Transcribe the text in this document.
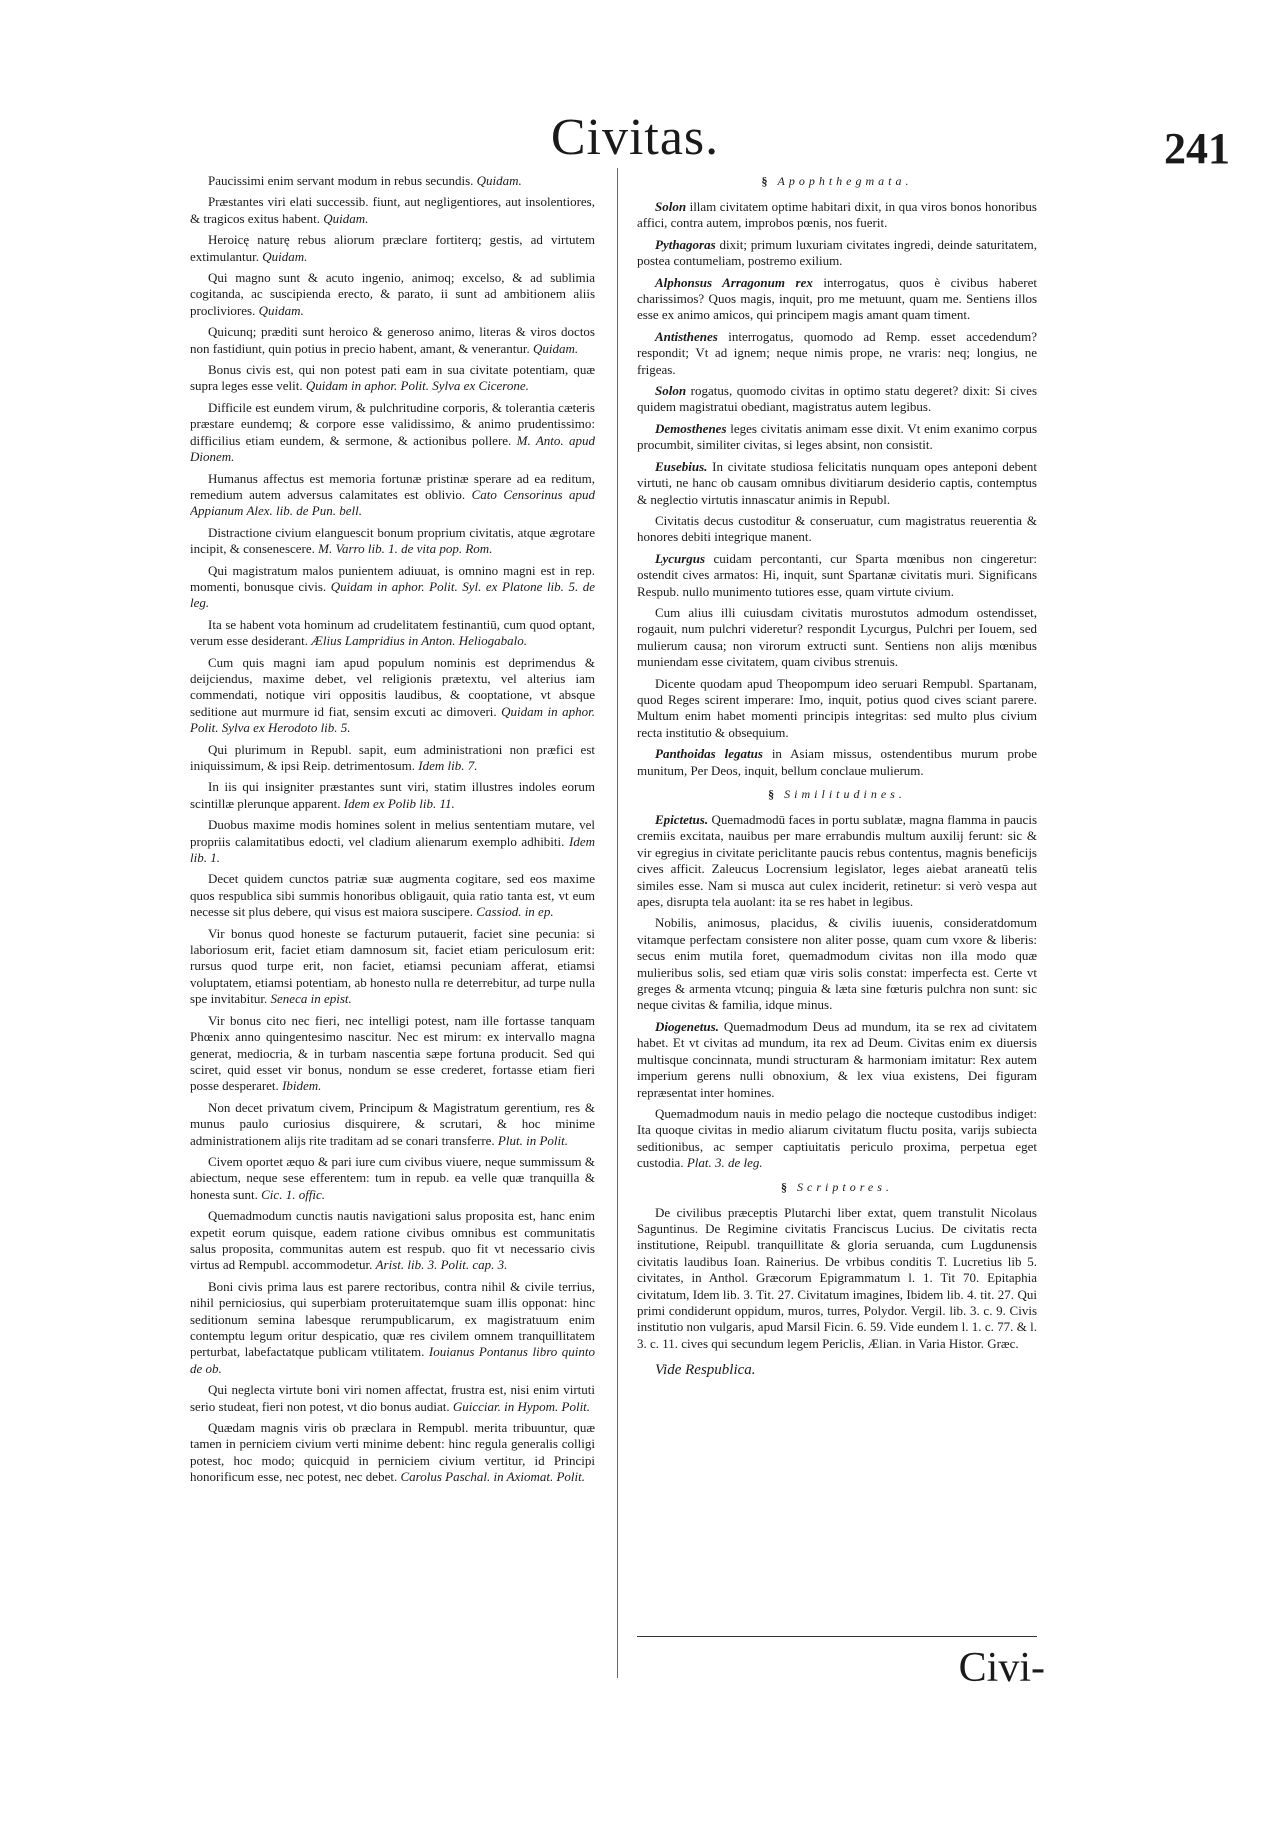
Civitas.	241

Paucissimi enim servant modum in rebus secundis. Quidam.

Præstantes viri elati successib. fiunt, aut negligentiores, aut insolentiores, & tragicos exitus habent. Quidam.

Heroicę naturę rebus aliorum præclare fortiterq; gestis, ad virtutem extimulantur. Quidam.

Qui magno sunt & acuto ingenio, animoq; excelso, & ad sublimia cogitanda, ac suscipienda erecto, & parato, ii sunt ad ambitionem aliis procliviores. Quidam.

Quicunq; præditi sunt heroico & generoso animo, literas & viros doctos non fastidiunt, quin potius in precio habent, amant, & venerantur. Quidam.

Bonus civis est, qui non potest pati eam in sua civitate potentiam, quæ supra leges esse velit. Quidam in aphor. Polit. Sylva ex Cicerone.

Difficile est eundem virum, & pulchritudine corporis, & tolerantia cæteris præstare eundemq; & corpore esse validissimo, & animo prudentissimo: difficilius etiam eundem, & sermone, & actionibus pollere. M. Anto. apud Dionem.

Humanus affectus est memoria fortunæ pristinæ sperare ad ea reditum, remedium autem adversus calamitates est oblivio. Cato Censorinus apud Appianum Alex. lib. de Pun. bell.

Distractione civium elanguescit bonum proprium civitatis, atque ægrotare incipit, & consenescere. M. Varro lib. 1. de vita pop. Rom.

Qui magistratum malos punientem adiuuat, is omnino magni est in rep. momenti, bonusque civis. Quidam in aphor. Polit. Syl. ex Platone lib. 5. de leg.

Ita se habent vota hominum ad crudelitatem festinantiū, cum quod optant, verum esse desiderant. Ælius Lampridius in Anton. Heliogabalo.

Cum quis magni iam apud populum nominis est deprimendus & deijciendus, maxime debet, vel religionis prætextu, vel alterius iam commendati, notique viri oppositis laudibus, & cooptatione, vt absque seditione aut murmure id fiat, sensim excuti ac dimoveri. Quidam in aphor. Polit. Sylva ex Herodoto lib. 5.

Qui plurimum in Republ. sapit, eum administrationi non præfici est iniquissimum, & ipsi Reip. detrimentosum. Idem lib. 7.

In iis qui insigniter præstantes sunt viri, statim illustres indoles eorum scintillæ plerunque apparent. Idem ex Polib lib. 11.

Duobus maxime modis homines solent in melius sententiam mutare, vel propriis calamitatibus edocti, vel cladium alienarum exemplo adhibiti. Idem lib. 1.

Decet quidem cunctos patriæ suæ augmenta cogitare, sed eos maxime quos respublica sibi summis honoribus obligauit, quia ratio tanta est, vt eum necesse sit plus debere, qui visus est maiora suscipere. Cassiod. in ep.

Vir bonus quod honeste se facturum putauerit, faciet sine pecunia: si laboriosum erit, faciet etiam damnosum sit, faciet etiam periculosum erit: rursus quod turpe erit, non faciet, etiamsi pecuniam afferat, etiamsi voluptatem, etiamsi potentiam, ab honesto nulla re deterrebitur, ad turpe nulla spe invitabitur. Seneca in epist.

Vir bonus cito nec fieri, nec intelligi potest, nam ille fortasse tanquam Phœnix anno quingentesimo nascitur. Nec est mirum: ex intervallo magna generat, mediocria, & in turbam nascentia sæpe fortuna producit. Sed qui sciret, quid esset vir bonus, nondum se esse crederet, fortasse etiam fieri posse desperaret. Ibidem.

Non decet privatum civem, Principum & Magistratum gerentium, res & munus paulo curiosius disquirere, & scrutari, & hoc minime administrationem alijs rite traditam ad se conari transferre. Plut. in Polit.

Civem oportet æquo & pari iure cum civibus viuere, neque summissum & abiectum, neque sese efferentem: tum in repub. ea velle quæ tranquilla & honesta sunt. Cic. 1. offic.

Quemadmodum cunctis nautis navigationi salus proposita est, hanc enim expetit eorum quisque, eadem ratione civibus omnibus est communitatis salus proposita, communitas autem est respub. quo fit vt necessario civis virtus ad Rempubl. accommodetur. Arist. lib. 3. Polit. cap. 3.

Boni civis prima laus est parere rectoribus, contra nihil & civile terrius, nihil perniciosius, qui superbiam proteruitatemque suam illis opponat: hinc seditionum semina labesque rerumpublicarum, ex magistratuum enim contemptu legum oritur despicatio, quæ res civilem omnem tranquillitatem perturbat, labefactatque publicam vtilitatem. Iouianus Pontanus libro quinto de ob.

Qui neglecta virtute boni viri nomen affectat, frustra est, nisi enim virtuti serio studeat, fieri non potest, vt dio bonus audiat. Guicciar. in Hypom. Polit.

Quædam magnis viris ob præclara in Rempubl. merita tribuuntur, quæ tamen in perniciem civium verti minime debent: hinc regula generalis colligi potest, hoc modo; quicquid in perniciem civium vertitur, id Principi honorificum esse, nec potest, nec debet. Carolus Paschal. in Axiomat. Polit.

§ Apophthegmata.

Solon illam civitatem optime habitari dixit, in qua viros bonos honoribus affici, contra autem, improbos pœnis, nos fuerit.

Pythagoras dixit; primum luxuriam civitates ingredi, deinde saturitatem, postea contumeliam, postremo exilium.

Alphonsus Arragonum rex interrogatus, quos è civibus haberet charissimos? Quos magis, inquit, pro me metuunt, quam me. Sentiens illos esse ex animo amicos, qui principem magis amant quam timent.

Antisthenes interrogatus, quomodo ad Remp. esset accedendum? respondit; Vt ad ignem; neque nimis prope, ne vraris: neq; longius, ne frigeas.

Solon rogatus, quomodo civitas in optimo statu degeret? dixit: Si cives quidem magistratui obediant, magistratus autem legibus.

Demosthenes leges civitatis animam esse dixit. Vt enim exanimo corpus procumbit, similiter civitas, si leges absint, non consistit.

Eusebius. In civitate studiosa felicitatis nunquam opes anteponi debent virtuti, ne hanc ob causam omnibus divitiarum desiderio captis, contemptus & neglectio virtutis innascatur animis in Republ.

Civitatis decus custoditur & conseruatur, cum magistratus reuerentia & honores debiti integrique manent.

Lycurgus cuidam percontanti, cur Sparta mœnibus non cingeretur: ostendit cives armatos: Hi, inquit, sunt Spartanæ civitatis muri. Significans Respub. nullo munimento tutiores esse, quam virtute civium.

Cum alius illi cuiusdam civitatis murostutos admodum ostendisset, rogauit, num pulchri videretur? respondit Lycurgus, Pulchri per Iouem, sed mulierum causa; non virorum extructi sunt. Sentiens non alijs mœnibus muniendam esse civitatem, quam civibus strenuis.

Dicente quodam apud Theopompum ideo seruari Rempubl. Spartanam, quod Reges scirent imperare: Imo, inquit, potius quod cives sciant parere. Multum enim habet momenti principis integritas: sed multo plus civium recta institutio & obsequium.

Panthoidas legatus in Asiam missus, ostendentibus murum probe munitum, Per Deos, inquit, bellum conclaue mulierum.

§ Similitudines.

Epictetus. Quemadmodū faces in portu sublatæ, magna flamma in paucis cremiis excitata, nauibus per mare errabundis multum auxilij ferunt: sic & vir egregius in civitate periclitante paucis rebus contentus, magnis beneficijs cives afficit. Zaleucus Locrensium legislator, leges aiebat araneatū telis similes esse. Nam si musca aut culex inciderit, retinetur: si verò vespa aut apes, disrupta tela auolant: ita se res habet in legibus.

Nobilis, animosus, placidus, & civilis iuuenis, consideratdomum vitamque perfectam consistere non aliter posse, quam cum vxore & liberis: secus enim mutila foret, quemadmodum civitas non illa modo quæ mulieribus solis, sed etiam quæ viris solis constat: imperfecta est. Certe vt greges & armenta vtcunq; pinguia & læta sine fœturis pulchra non sunt: sic neque civitas & familia, idque minus.

Diogenetus. Quemadmodum Deus ad mundum, ita se rex ad civitatem habet. Et vt civitas ad mundum, ita rex ad Deum. Civitas enim ex diuersis multisque concinnata, mundi structuram & harmoniam imitatur: Rex autem imperium gerens nulli obnoxium, & lex viua existens, Dei figuram repræsentat inter homines.

Quemadmodum nauis in medio pelago die nocteque custodibus indiget: Ita quoque civitas in medio aliarum civitatum fluctu posita, varijs subiecta seditionibus, ac semper captiuitatis periculo proxima, perpetua eget custodia. Plat. 3. de leg.

§ Scriptores.

De civilibus præceptis Plutarchi liber extat, quem transtulit Nicolaus Saguntinus. De Regimine civitatis Franciscus Lucius. De civitatis recta institutione, Reipubl. tranquillitate & gloria seruanda, cum Lugdunensis civitatis laudibus Ioan. Rainerius. De vrbibus conditis T. Lucretius lib 5. civitates, in Anthol. Græcorum Epigrammatum l. 1. Tit 70. Epitaphia civitatum, Idem lib. 3. Tit. 27. Civitatum imagines, Ibidem lib. 4. tit. 27. Qui primi condiderunt oppidum, muros, turres, Polydor. Vergil. lib. 3. c. 9. Civis institutio non vulgaris, apud Marsil Ficin. 6. 59. Vide eundem l. 1. c. 77. & l. 3. c. 11. cives qui secundum legem Periclis, Ælian. in Varia Histor. Græc.

Vide Respublica.
Civi-
